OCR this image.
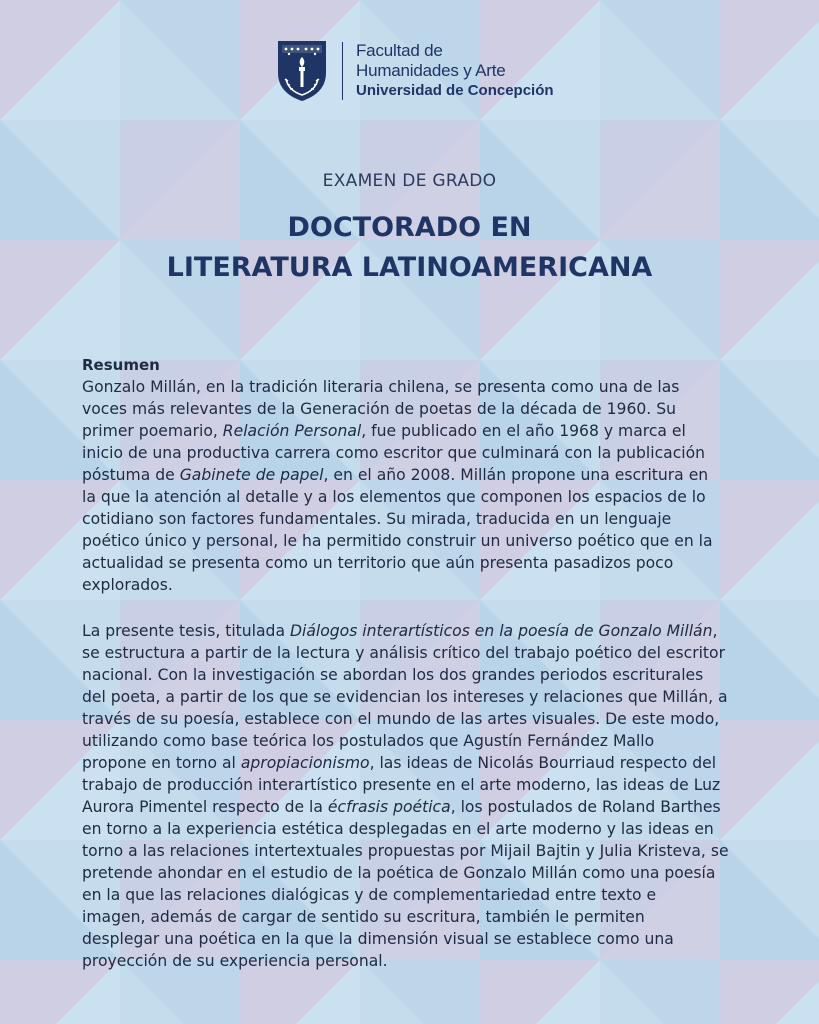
Facultad de
Humanidades y Arte
Universidad de Concepción
EXAMEN DE GRADO
DOCTORADO EN
LITERATURA LATINOAMERICANA
Resumen
Gonzalo Millán, en la tradición literaria chilena, se presenta como una de las
voces más relevantes de la Generación de poetas de la década de 1960. Su
primer poemario, Relación Personal, fue publicado en el año 1968 y marca el
inicio de una productiva carrera como escritor que culminará con la publicación
póstuma de Gabinete de papel, en el año 2008. Millán propone una escritura en
la que la atención al detalle y a los elementos que componen los espacios de lo
cotidiano son factores fundamentales. Su mirada, traducida en un lenguaje
poético único y personal, le ha permitido construir un universo poético que en la
actualidad se presenta como un territorio que aún presenta pasadizos poco
explorados.
La presente tesis, titulada Diálogos interartísticos en la poesía de Gonzalo Millán,
se estructura a partir de la lectura y análisis crítico del trabajo poético del escritor
nacional. Con la investigación se abordan los dos grandes periodos escriturales
del poeta, a partir de los que se evidencian los intereses y relaciones que Millán, a
través de su poesía, establece con el mundo de las artes visuales. De este modo,
utilizando como base teórica los postulados que Agustín Fernández Mallo
propone en torno al apropiacionismo, las ideas de Nicolás Bourriaud respecto del
trabajo de producción interartístico presente en el arte moderno, las ideas de Luz
Aurora Pimentel respecto de la écfrasis poética, los postulados de Roland Barthes
en torno a la experiencia estética desplegadas en el arte moderno y las ideas en
torno a las relaciones intertextuales propuestas por Mijail Bajtin y Julia Kristeva, se
pretende ahondar en el estudio de la poética de Gonzalo Millán como una poesía
en la que las relaciones dialógicas y de complementariedad entre texto e
imagen, además de cargar de sentido su escritura, también le permiten
desplegar una poética en la que la dimensión visual se establece como una
proyección de su experiencia personal.
